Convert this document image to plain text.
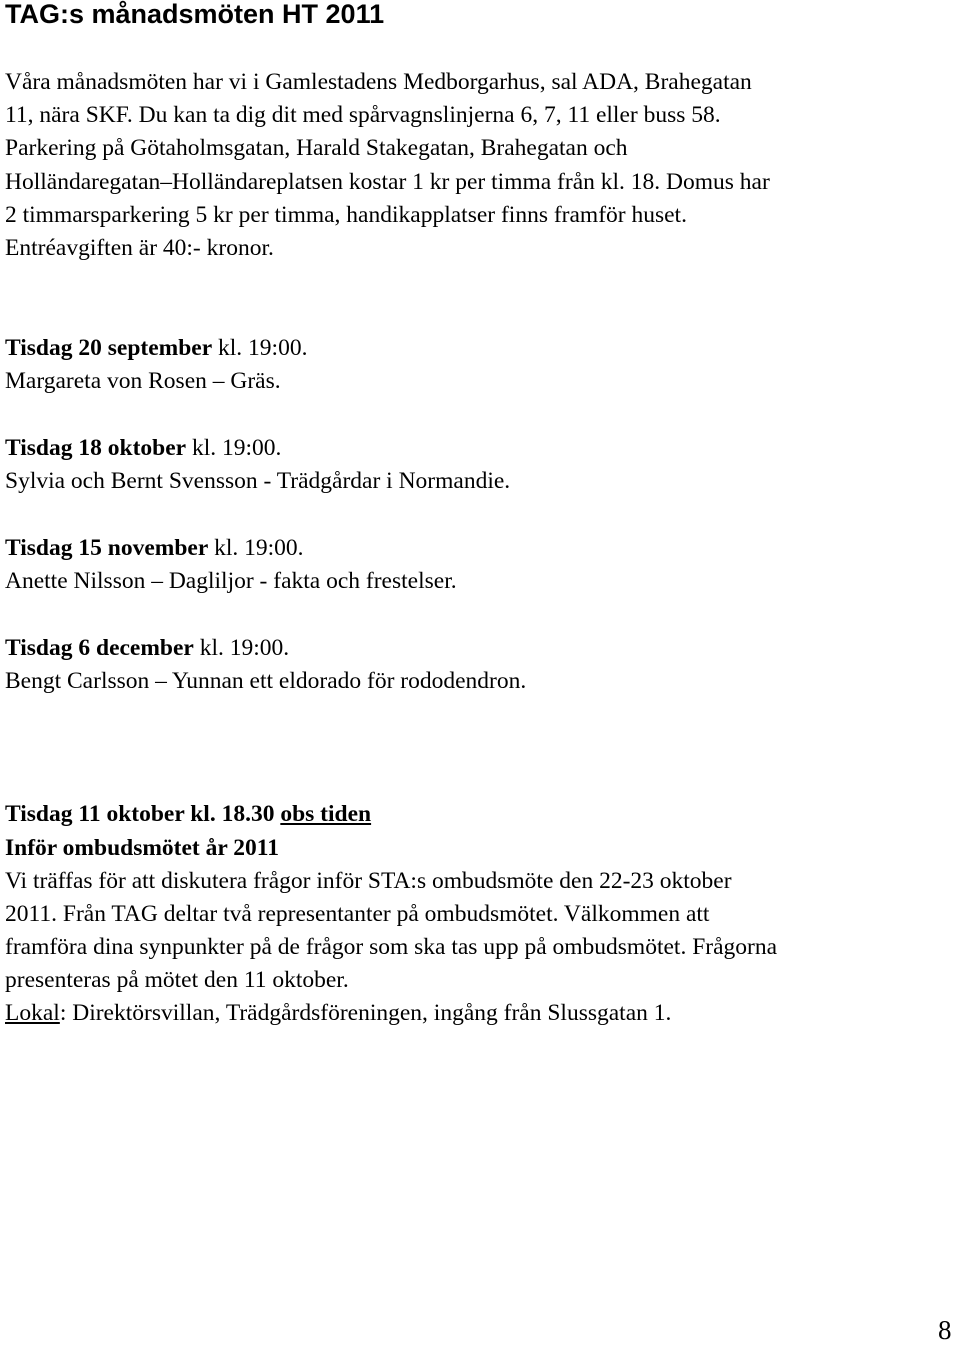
TAG:s månadsmöten HT 2011
Våra månadsmöten har vi i Gamlestadens Medborgarhus, sal ADA, Brahegatan
11, nära SKF. Du kan ta dig dit med spårvagnslinjerna 6, 7, 11 eller buss 58.
Parkering på Götaholmsgatan, Harald Stakegatan, Brahegatan och
Holländaregatan–Holländareplatsen kostar 1 kr per timma från kl. 18. Domus har
2 timmarsparkering 5 kr per timma, handikapplatser finns framför huset.
Entréavgiften är 40:- kronor.
Tisdag 20 september kl. 19:00.
Margareta von Rosen – Gräs.
Tisdag 18 oktober kl. 19:00.
Sylvia och Bernt Svensson - Trädgårdar i Normandie.
Tisdag 15 november kl. 19:00.
Anette Nilsson – Dagliljor - fakta och frestelser.
Tisdag 6 december kl. 19:00.
Bengt Carlsson – Yunnan ett eldorado för rododendron.
Tisdag 11 oktober kl. 18.30 obs tiden
Inför ombudsmötet år 2011
Vi träffas för att diskutera frågor inför STA:s ombudsmöte den 22-23 oktober
2011. Från TAG deltar två representanter på ombudsmötet. Välkommen att
framföra dina synpunkter på de frågor som ska tas upp på ombudsmötet. Frågorna
presenteras på mötet den 11 oktober.
Lokal: Direktörsvillan, Trädgårdsföreningen, ingång från Slussgatan 1.
8
